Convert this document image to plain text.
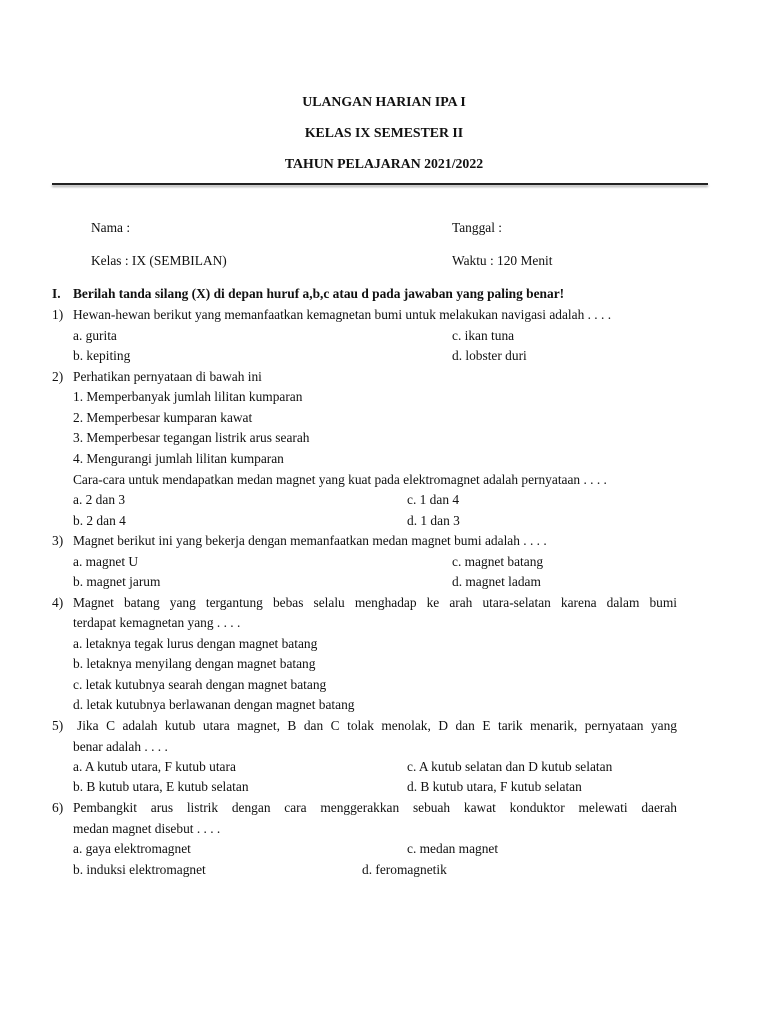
ULANGAN HARIAN IPA I
KELAS IX SEMESTER II
TAHUN PELAJARAN 2021/2022
Nama :	Tanggal :
Kelas : IX (SEMBILAN)	Waktu : 120 Menit
I. Berilah tanda silang (X) di depan huruf a,b,c atau d pada jawaban yang paling benar!
1) Hewan-hewan berikut yang memanfaatkan kemagnetan bumi untuk melakukan navigasi adalah . . . .
a. gurita
b. kepiting
c. ikan tuna
d. lobster duri
2) Perhatikan pernyataan di bawah ini
1. Memperbanyak jumlah lilitan kumparan
2. Memperbesar kumparan kawat
3. Memperbesar tegangan listrik arus searah
4. Mengurangi jumlah lilitan kumparan
Cara-cara untuk mendapatkan medan magnet yang kuat pada elektromagnet adalah pernyataan . . . .
a. 2 dan 3
b. 2 dan 4
c. 1 dan 4
d. 1 dan 3
3) Magnet berikut ini yang bekerja dengan memanfaatkan medan magnet bumi adalah . . . .
a. magnet U
b. magnet jarum
c. magnet batang
d. magnet ladam
4) Magnet batang yang tergantung bebas selalu menghadap ke arah utara-selatan karena dalam bumi
terdapat kemagnetan yang . . . .
a. letaknya tegak lurus dengan magnet batang
b. letaknya menyilang dengan magnet batang
c. letak kutubnya searah dengan magnet batang
d. letak kutubnya berlawanan dengan magnet batang
5) Jika C adalah kutub utara magnet, B dan C tolak menolak, D dan E tarik menarik, pernyataan yang
benar adalah . . . .
a. A kutub utara, F kutub utara
b. B kutub utara, E kutub selatan
c. A kutub selatan dan D kutub selatan
d. B kutub utara, F kutub selatan
6) Pembangkit arus listrik dengan cara menggerakkan sebuah kawat konduktor melewati daerah
medan magnet disebut . . . .
a. gaya elektromagnet
b. induksi elektromagnet
c. medan magnet
d. feromagnetik
